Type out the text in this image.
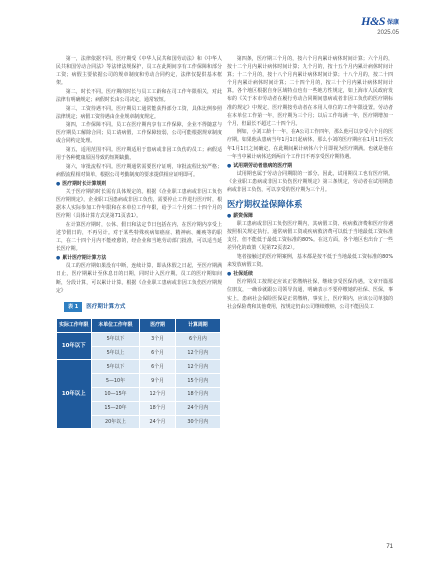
H&S 保康
2025.05

第一，法律依据不同。医疗期受《中华人民共和国劳动法》和《中华人民共和国劳动合同法》等法律法规保护，员工在此期间享有工作保障和部分工资；病假主要依据公司的规章制度和劳动合同约定，法律仅提供基本框架。

第二，时长不同。医疗期的时长与员工工龄和在司工作年限相关，对此法律有明确规定；病假时长由公司决定，通常较短。

第三，工资待遇不同。医疗期员工通常能获得部分工资，具体比例参照法律规定；病假工资待遇由企业规章制度规定。

第四，工作保障不同。员工在医疗期内享有工作保障，企业不得随意与医疗期员工解除合同；员工请病假，工作保障较弱，公司可能根据规章制度或合同约定处理。

第五，适用范围不同。医疗期适用于患病或非因工负伤的员工；病假适用于各种健康原因导致的短期缺勤。

第六，审批流程不同。医疗期通常需要医疗证明，审批流程比较严格；病假流程相对简单，根据公司考勤制度的要求提供相应证明即可。

● 医疗期时长计算规则

关于医疗期的时长需有具体规定的。根据《企业职工患病或非因工负伤医疗期规定》，企业职工因患病或非因工负伤，需要停止工作进行医疗时，根据本人实际参加工作年限和在本单位工作年限，给予三个月到二十四个月的医疗期（具体计算方式见第71页表1）。

在计算医疗期时，公休、假日和法定节日包括在内，在医疗期内享受上述节假日的，不再另计。对于某些特殊疾病如癌症、精神病、瘫痪等的职工，在二十四个月内不能痊愈的，经企业和当地劳动部门批准，可以适当延长医疗期。

● 累计医疗期计算方法

员工的医疗期如果没有中断，连续计算，即从休假之日起，至医疗期满日止，医疗期累计至休息日的日期，同时计入医疗期。员工的医疗期如间断，分段计算，可以累计计算。根据《企业职工患病或非因工负伤医疗期规定》

表 1	医疗期计算方式
实际工作年限	本单位工作年限	医疗期	计算周期
10年以下	5年以下	3个月	6个月内
	5年以上	6个月	12个月内
10年以上	5年以下	6个月	12个月内
	5—10年	9个月	15个月内
	10—15年	12个月	18个月内
	15—20年	18个月	24个月内
	20年以上	24个月	30个月内

第四条，医疗期三个月的，按六个月内累计病休时间计算；六个月的，按十二个月内累计病休时间计算；九个月的，按十五个月内累计病休时间计算；十二个月的，按十八个月内累计病休时间计算；十八个月的，按二十四个月内累计病休时间计算；二十四个月的，按三十个月内累计病休时间计算。各个地区根据自身区域特点也有一些地方性规定，如上海市人民政府发布的《关于本市劳动者在履行劳动合同期间患病或者非因工负伤的医疗期标准的规定》中规定，医疗期按劳动者在本用人单位的工作年限设置。劳动者在本单位工作第一年，医疗期为三个月；以后工作每满一年，医疗期增加一个月，但最长不超过二十四个月。

例如，小刘工龄十一年，在A公司工作四年，那么他可以享受六个月的医疗期。如果他从患病当年1月1日起病休，那么小刘的医疗期应在1月1日至次年1月1日之间确定，在此期间累计病休六个月即视为医疗期满。也就是他在一年当中累计病休达到两百个工作日不再享受医疗期待遇。

● 试用期劳动者患病的医疗期

试用期也属于劳动合同期限的一部分。因此，试用期员工也有医疗期。《企业职工患病或非因工负伤医疗期规定》第三条规定，劳动者在试用期患病或非因工负伤，可以享受的医疗期为三个月。

医疗期权益保障体系

● 薪资保障

职工患病或非因工负伤医疗期内，其病假工资、疾病救济费和医疗待遇按照相关规定执行。通常病假工资或疾病救济费可以低于当地最低工资标准支付，但不能低于最低工资标准的80%。在这方面，各个地区也出台了一些差异化的政策（见第72页表2）。

笔者接触过的医疗期案例，基本都是按不低于当地最低工资标准的80%来发放病假工资。

● 社保延续

医疗期员工按规定应该正常缴纳社保，继续享受医保待遇。文章开篇那位朋友，一确诊就跟公司领导沟通，明确表示不要停缴她的社保、医保，事实上，患病社会保险医保是正常缴纳，事实上，医疗期内，应该公司单独的社会保险费和其他费用，按规定仍由公司继续缴纳，公司不能因员工

71
